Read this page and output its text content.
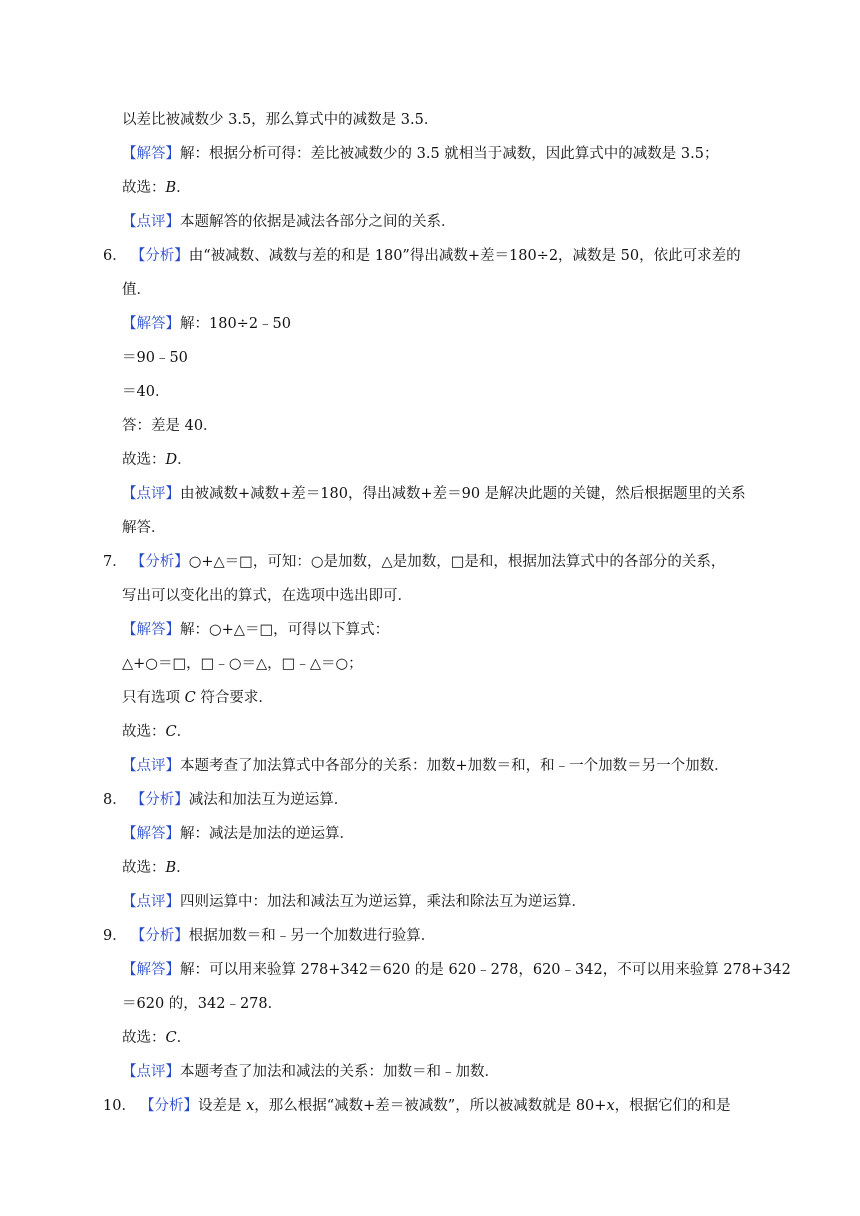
以差比被减数少 3.5，那么算式中的减数是 3.5．
【解答】解：根据分析可得：差比被减数少的 3.5 就相当于减数，因此算式中的减数是 3.5；
故选：B．
【点评】本题解答的依据是减法各部分之间的关系．
6． 【分析】由“被减数、减数与差的和是 180”得出减数+差＝180÷2，减数是 50，依此可求差的
值．
【解答】解：180÷2﹣50
＝90﹣50
＝40．
答：差是 40．
故选：D．
【点评】由被减数+减数+差＝180，得出减数+差＝90 是解决此题的关键，然后根据题里的关系
解答．
7． 【分析】○+△＝□，可知：○是加数，△是加数，□是和，根据加法算式中的各部分的关系，
写出可以变化出的算式，在选项中选出即可．
【解答】解：○+△＝□，可得以下算式：
△+○＝□，□﹣○＝△，□﹣△＝○；
只有选项 C 符合要求．
故选：C．
【点评】本题考查了加法算式中各部分的关系：加数+加数＝和，和﹣一个加数＝另一个加数．
8． 【分析】减法和加法互为逆运算．
【解答】解：减法是加法的逆运算．
故选：B．
【点评】四则运算中：加法和减法互为逆运算，乘法和除法互为逆运算．
9． 【分析】根据加数＝和﹣另一个加数进行验算．
【解答】解：可以用来验算 278+342＝620 的是 620﹣278，620﹣342，不可以用来验算 278+342
＝620 的，342﹣278．
故选：C．
【点评】本题考查了加法和减法的关系：加数＝和﹣加数．
10． 【分析】设差是 x，那么根据“减数+差＝被减数”，所以被减数就是 80+x，根据它们的和是
